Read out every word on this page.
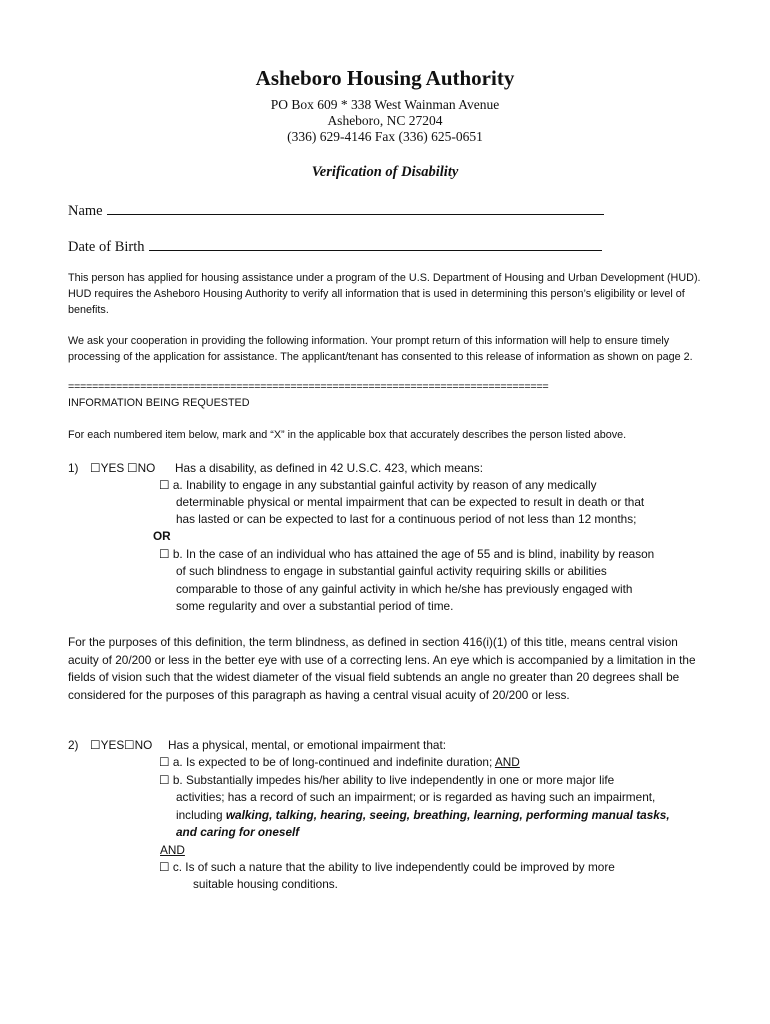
Asheboro Housing Authority
PO Box 609 * 338 West Wainman Avenue
Asheboro, NC 27204
(336) 629-4146 Fax (336) 625-0651
Verification of Disability
Name
Date of Birth
This person has applied for housing assistance under a program of the U.S. Department of Housing and Urban Development (HUD). HUD requires the Asheboro Housing Authority to verify all information that is used in determining this person’s eligibility or level of benefits.
We ask your cooperation in providing the following information. Your prompt return of this information will help to ensure timely processing of the application for assistance. The applicant/tenant has consented to this release of information as shown on page 2.
================================================================================
INFORMATION BEING REQUESTED
For each numbered item below, mark and “X” in the applicable box that accurately describes the person listed above.
1) ☐YES ☐NO Has a disability, as defined in 42 U.S.C. 423, which means:
☐ a. Inability to engage in any substantial gainful activity by reason of any medically
determinable physical or mental impairment that can be expected to result in death or that
has lasted or can be expected to last for a continuous period of not less than 12 months;
OR
☐ b. In the case of an individual who has attained the age of 55 and is blind, inability by reason
of such blindness to engage in substantial gainful activity requiring skills or abilities
comparable to those of any gainful activity in which he/she has previously engaged with
some regularity and over a substantial period of time.
For the purposes of this definition, the term blindness, as defined in section 416(i)(1) of this title, means central vision acuity of 20/200 or less in the better eye with use of a correcting lens. An eye which is accompanied by a limitation in the fields of vision such that the widest diameter of the visual field subtends an angle no greater than 20 degrees shall be considered for the purposes of this paragraph as having a central visual acuity of 20/200 or less.
2) ☐YES ☐NO Has a physical, mental, or emotional impairment that:
☐ a. Is expected to be of long-continued and indefinite duration; AND
☐ b. Substantially impedes his/her ability to live independently in one or more major life
activities; has a record of such an impairment; or is regarded as having such an impairment,
including walking, talking, hearing, seeing, breathing, learning, performing manual tasks,
and caring for oneself
AND
☐ c. Is of such a nature that the ability to live independently could be improved by more
suitable housing conditions.
